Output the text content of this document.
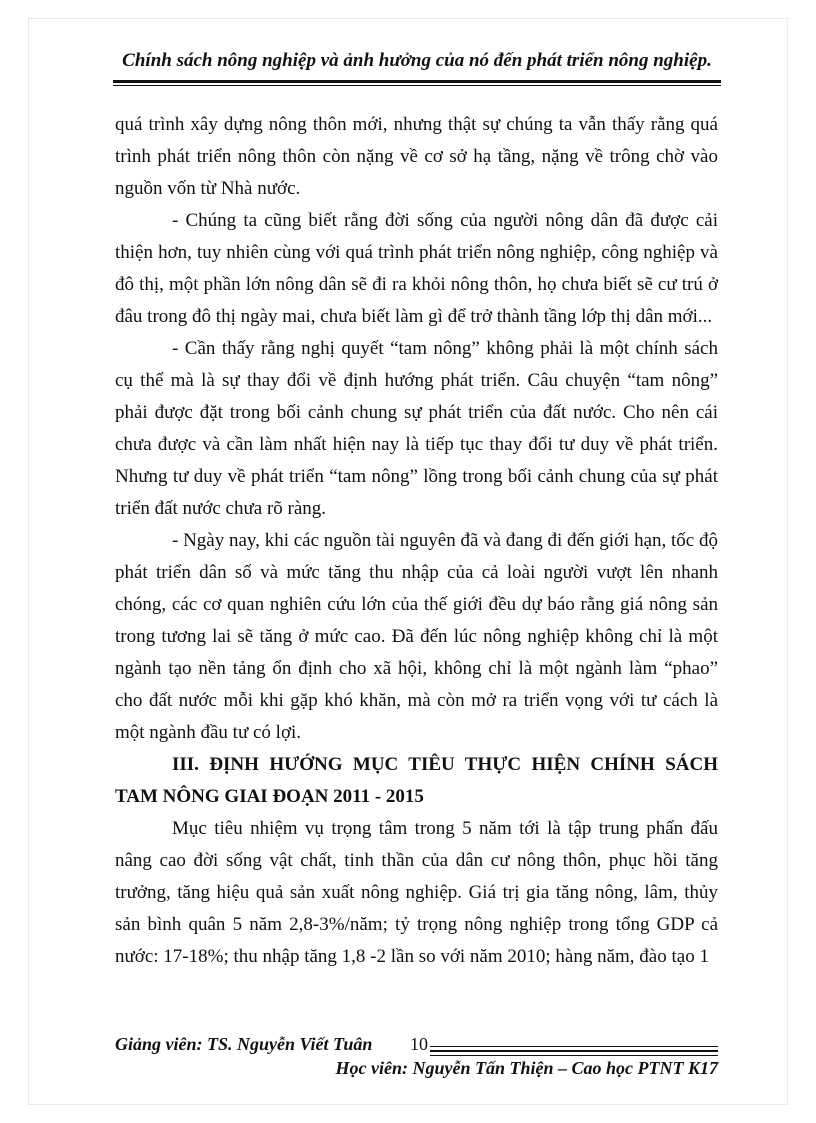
Chính sách nông nghiệp và ảnh hưởng của nó đến phát triển nông nghiệp.

quá trình xây dựng nông thôn mới, nhưng thật sự chúng ta vẫn thấy rằng quá trình phát triển nông thôn còn nặng về cơ sở hạ tầng, nặng về trông chờ vào nguồn vốn từ Nhà nước.

- Chúng ta cũng biết rằng đời sống của người nông dân đã được cải thiện hơn, tuy nhiên cùng với quá trình phát triển nông nghiệp, công nghiệp và đô thị, một phần lớn nông dân sẽ đi ra khỏi nông thôn, họ chưa biết sẽ cư trú ở đâu trong đô thị ngày mai, chưa biết làm gì để trở thành tầng lớp thị dân mới...

- Cần thấy rằng nghị quyết “tam nông” không phải là một chính sách cụ thể mà là sự thay đổi về định hướng phát triển. Câu chuyện “tam nông” phải được đặt trong bối cảnh chung sự phát triển của đất nước. Cho nên cái chưa được và cần làm nhất hiện nay là tiếp tục thay đổi tư duy về phát triển. Nhưng tư duy về phát triển “tam nông” lồng trong bối cảnh chung của sự phát triển đất nước chưa rõ ràng.

- Ngày nay, khi các nguồn tài nguyên đã và đang đi đến giới hạn, tốc độ phát triển dân số và mức tăng thu nhập của cả loài người vượt lên nhanh chóng, các cơ quan nghiên cứu lớn của thế giới đều dự báo rằng giá nông sản trong tương lai sẽ tăng ở mức cao. Đã đến lúc nông nghiệp không chỉ là một ngành tạo nền tảng ổn định cho xã hội, không chỉ là một ngành làm “phao” cho đất nước mỗi khi gặp khó khăn, mà còn mở ra triển vọng với tư cách là một ngành đầu tư có lợi.

III. ĐỊNH HƯỚNG MỤC TIÊU THỰC HIỆN CHÍNH SÁCH TAM NÔNG GIAI ĐOẠN 2011 - 2015

Mục tiêu nhiệm vụ trọng tâm trong 5 năm tới là tập trung phấn đấu nâng cao đời sống vật chất, tinh thần của dân cư nông thôn, phục hồi tăng trưởng, tăng hiệu quả sản xuất nông nghiệp. Giá trị gia tăng nông, lâm, thủy sản bình quân 5 năm 2,8-3%/năm; tỷ trọng nông nghiệp trong tổng GDP cả nước: 17-18%; thu nhập tăng 1,8 -2 lần so với năm 2010; hàng năm, đào tạo 1

Giảng viên: TS. Nguyễn Viết Tuân 10
Học viên: Nguyễn Tấn Thiện – Cao học PTNT K17
